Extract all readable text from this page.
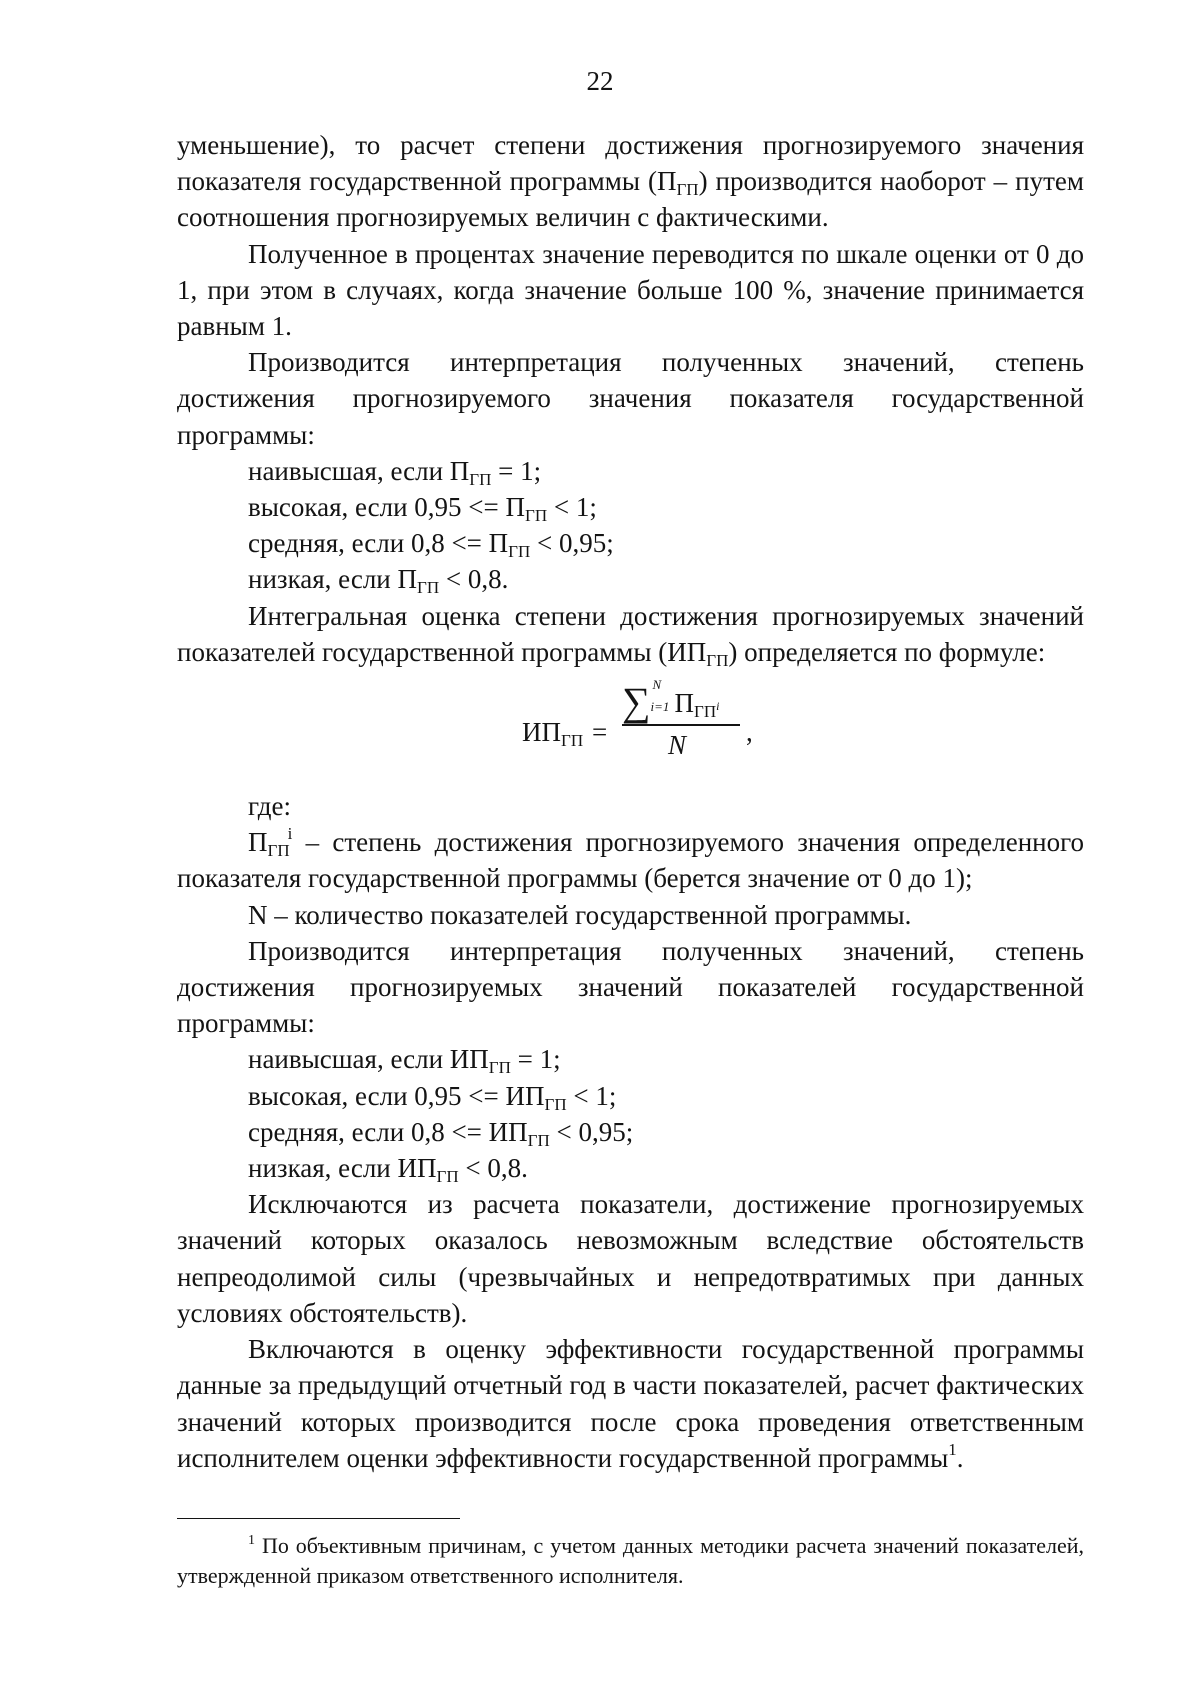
22

уменьшение), то расчет степени достижения прогнозируемого значения показателя государственной программы $(П_{ГП})$ производится наоборот – путем соотношения прогнозируемых величин с фактическими.

Полученное в процентах значение переводится по шкале оценки от 0 до 1, при этом в случаях, когда значение больше 100 %, значение принимается равным 1.

Производится интерпретация полученных значений, степень достижения прогнозируемого значения показателя государственной программы:

наивысшая, если $П_{ГП} = 1$;
высокая, если $0,95 <= П_{ГП} < 1$;
средняя, если $0,8 <= П_{ГП} < 0,95$;
низкая, если $П_{ГП} < 0,8$.

Интегральная оценка степени достижения прогнозируемых значений показателей государственной программы $(ИП_{ГП})$ определяется по формуле:

$ИП_{ГП}$ =
∑ N
i=1 $П_{ГП}^i$
N ,

где:

$П_{ГП}^i$ – степень достижения прогнозируемого значения определенного показателя государственной программы (берется значение от 0 до 1);

N – количество показателей государственной программы.

Производится интерпретация полученных значений, степень достижения прогнозируемых значений показателей государственной программы:

наивысшая, если $ИП_{ГП} = 1$;
высокая, если $0,95 <= ИП_{ГП} < 1$;
средняя, если $0,8 <= ИП_{ГП} < 0,95$;
низкая, если $ИП_{ГП} < 0,8$.

Исключаются из расчета показатели, достижение прогнозируемых значений которых оказалось невозможным вследствие обстоятельств непреодолимой силы (чрезвычайных и непредотвратимых при данных условиях обстоятельств).

Включаются в оценку эффективности государственной программы данные за предыдущий отчетный год в части показателей, расчет фактических значений которых производится после срока проведения ответственным исполнителем оценки эффективности государственной программы$^1$.

$^1$ По объективным причинам, с учетом данных методики расчета значений показателей, утвержденной приказом ответственного исполнителя.
